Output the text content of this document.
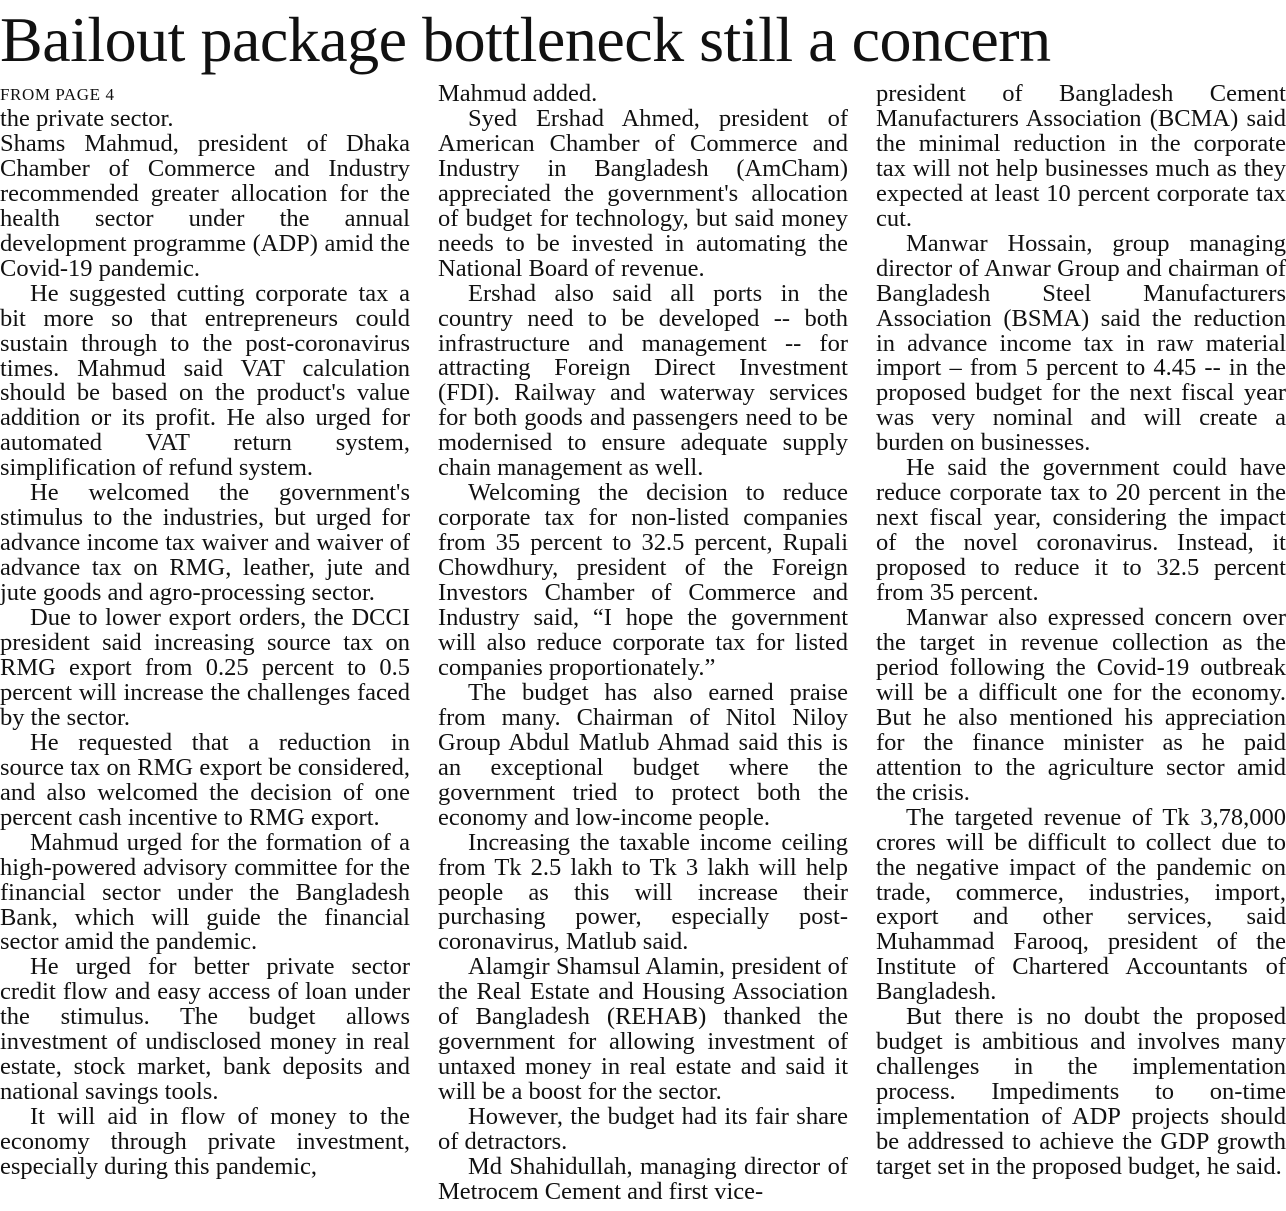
Bailout package bottleneck still a concern
FROM PAGE 4

the private sector.

Shams Mahmud, president of Dhaka Chamber of Commerce and Industry recommended greater allocation for the health sector under the annual development programme (ADP) amid the Covid-19 pandemic.

He suggested cutting corporate tax a bit more so that entrepreneurs could sustain through to the post-coronavirus times. Mahmud said VAT calculation should be based on the product's value addition or its profit. He also urged for automated VAT return system, simplification of refund system.

He welcomed the government's stimulus to the industries, but urged for advance income tax waiver and waiver of advance tax on RMG, leather, jute and jute goods and agro-processing sector.

Due to lower export orders, the DCCI president said increasing source tax on RMG export from 0.25 percent to 0.5 percent will increase the challenges faced by the sector.

He requested that a reduction in source tax on RMG export be considered, and also welcomed the decision of one percent cash incentive to RMG export.

Mahmud urged for the formation of a high-powered advisory committee for the financial sector under the Bangladesh Bank, which will guide the financial sector amid the pandemic.

He urged for better private sector credit flow and easy access of loan under the stimulus. The budget allows investment of undisclosed money in real estate, stock market, bank deposits and national savings tools.

It will aid in flow of money to the economy through private investment, especially during this pandemic,

Mahmud added.

Syed Ershad Ahmed, president of American Chamber of Commerce and Industry in Bangladesh (AmCham) appreciated the government's allocation of budget for technology, but said money needs to be invested in automating the National Board of revenue.

Ershad also said all ports in the country need to be developed -- both infrastructure and management -- for attracting Foreign Direct Investment (FDI). Railway and waterway services for both goods and passengers need to be modernised to ensure adequate supply chain management as well.

Welcoming the decision to reduce corporate tax for non-listed companies from 35 percent to 32.5 percent, Rupali Chowdhury, president of the Foreign Investors Chamber of Commerce and Industry said, “I hope the government will also reduce corporate tax for listed companies proportionately.”

The budget has also earned praise from many. Chairman of Nitol Niloy Group Abdul Matlub Ahmad said this is an exceptional budget where the government tried to protect both the economy and low-income people.

Increasing the taxable income ceiling from Tk 2.5 lakh to Tk 3 lakh will help people as this will increase their purchasing power, especially post-coronavirus, Matlub said.

Alamgir Shamsul Alamin, president of the Real Estate and Housing Association of Bangladesh (REHAB) thanked the government for allowing investment of untaxed money in real estate and said it will be a boost for the sector.

However, the budget had its fair share of detractors.

Md Shahidullah, managing director of Metrocem Cement and first vice-

president of Bangladesh Cement Manufacturers Association (BCMA) said the minimal reduction in the corporate tax will not help businesses much as they expected at least 10 percent corporate tax cut.

Manwar Hossain, group managing director of Anwar Group and chairman of Bangladesh Steel Manufacturers Association (BSMA) said the reduction in advance income tax in raw material import – from 5 percent to 4.45 -- in the proposed budget for the next fiscal year was very nominal and will create a burden on businesses.

He said the government could have reduce corporate tax to 20 percent in the next fiscal year, considering the impact of the novel coronavirus. Instead, it proposed to reduce it to 32.5 percent from 35 percent.

Manwar also expressed concern over the target in revenue collection as the period following the Covid-19 outbreak will be a difficult one for the economy. But he also mentioned his appreciation for the finance minister as he paid attention to the agriculture sector amid the crisis.

The targeted revenue of Tk 3,78,000 crores will be difficult to collect due to the negative impact of the pandemic on trade, commerce, industries, import, export and other services, said Muhammad Farooq, president of the Institute of Chartered Accountants of Bangladesh.

But there is no doubt the proposed budget is ambitious and involves many challenges in the implementation process. Impediments to on-time implementation of ADP projects should be addressed to achieve the GDP growth target set in the proposed budget, he said.
